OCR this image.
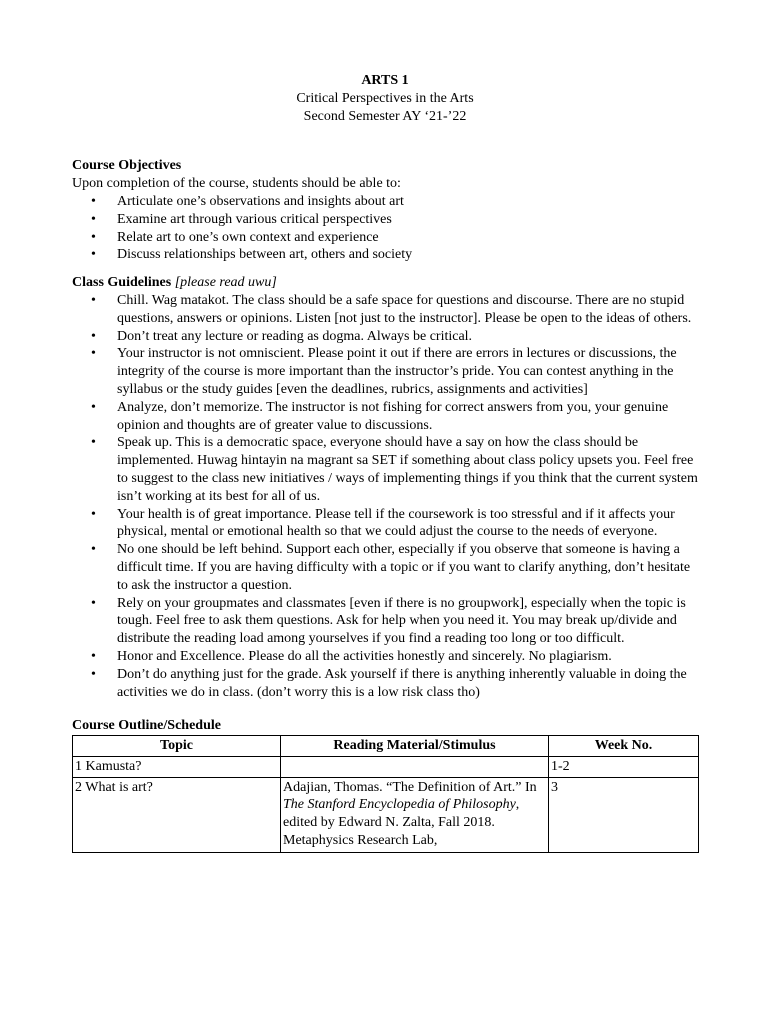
ARTS 1
Critical Perspectives in the Arts
Second Semester AY ‘21-’22
Course Objectives
Upon completion of the course, students should be able to:
• Articulate one’s observations and insights about art
• Examine art through various critical perspectives
• Relate art to one’s own context and experience
• Discuss relationships between art, others and society
Class Guidelines [please read uwu]
• Chill. Wag matakot. The class should be a safe space for questions and discourse. There are no stupid questions, answers or opinions. Listen [not just to the instructor]. Please be open to the ideas of others.
• Don’t treat any lecture or reading as dogma. Always be critical.
• Your instructor is not omniscient. Please point it out if there are errors in lectures or discussions, the integrity of the course is more important than the instructor’s pride. You can contest anything in the syllabus or the study guides [even the deadlines, rubrics, assignments and activities]
• Analyze, don’t memorize. The instructor is not fishing for correct answers from you, your genuine opinion and thoughts are of greater value to discussions.
• Speak up. This is a democratic space, everyone should have a say on how the class should be implemented. Huwag hintayin na magrant sa SET if something about class policy upsets you. Feel free to suggest to the class new initiatives / ways of implementing things if you think that the current system isn’t working at its best for all of us.
• Your health is of great importance. Please tell if the coursework is too stressful and if it affects your physical, mental or emotional health so that we could adjust the course to the needs of everyone.
• No one should be left behind. Support each other, especially if you observe that someone is having a difficult time. If you are having difficulty with a topic or if you want to clarify anything, don’t hesitate to ask the instructor a question.
• Rely on your groupmates and classmates [even if there is no groupwork], especially when the topic is tough. Feel free to ask them questions. Ask for help when you need it. You may break up/divide and distribute the reading load among yourselves if you find a reading too long or too difficult.
• Honor and Excellence. Please do all the activities honestly and sincerely. No plagiarism.
• Don’t do anything just for the grade. Ask yourself if there is anything inherently valuable in doing the activities we do in class. (don’t worry this is a low risk class tho)
Course Outline/Schedule
Topic	Reading Material/Stimulus	Week No.
1 Kamusta?		1-2
2 What is art?	Adajian, Thomas. “The Definition of Art.” In The Stanford Encyclopedia of Philosophy, edited by Edward N. Zalta, Fall 2018. Metaphysics Research Lab,	3
